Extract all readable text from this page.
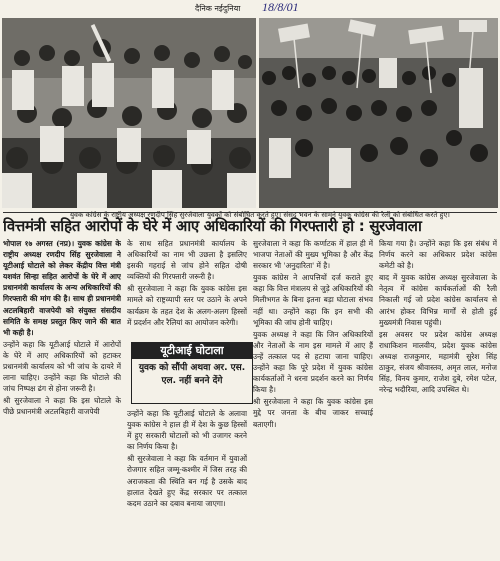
दैनिक नईदुनिया 18/8/01
युवक कांग्रेस के राष्ट्रीय अध्यक्ष रणदीप सिंह सुरजेवाला युवकों को संबोधित करते हुए। संसद भवन के सामने युवक कांग्रेस की रैली को संबोधित करते हुए।
वित्तमंत्री सहित आरोपों के घेरे में आए अधिकारियों की गिरफ्तारी हो : सुरजेवाला

भोपाल १७ अगस्त (नप्र)। युवक कांग्रेस के राष्ट्रीय अध्यक्ष रणदीप सिंह सुरजेवाला ने यूटीआई घोटाले को लेकर केंद्रीय वित्त मंत्री यशवंत सिन्हा सहित आरोपों के घेरे में आए प्रधानमंत्री कार्यालय के अन्य अधिकारियों की गिरफ्तारी की मांग की है। साथ ही प्रधानमंत्री अटलबिहारी वाजपेयी को संयुक्त संसदीय समिति के समक्ष प्रस्तुत किए जाने की बात भी कही है।

उन्होंने कहा कि यूटीआई घोटाले में आरोपों के घेरे में आए अधिकारियों को हटाकर प्रधानमंत्री कार्यालय को भी जांच के दायरे में लाना चाहिए। उन्होंने कहा कि घोटाले की जांच निष्पक्ष ढंग से होना जरूरी है।

श्री सुरजेवाला ने कहा कि इस घोटाले के पीछे प्रधानमंत्री अटलबिहारी वाजपेयी

के साथ सहित प्रधानमंत्री कार्यालय के अधिकारियों का नाम भी उछला है इसलिए इसकी गहराई से जांच होने सहित दोषी व्यक्तियों की गिरफ्तारी जरूरी है।

श्री सुरजेवाला ने कहा कि युवक कांग्रेस इस मामले को राष्ट्रव्यापी स्तर पर उठाने के अपने कार्यक्रम के तहत देश के अलग-अलग हिस्सों में प्रदर्शन और रैलियां का आयोजन करेगी।

उन्होंने कहा कि यूटीआई घोटाले के अलावा युवक कांग्रेस ने हाल ही में देश के कुछ हिस्सों में हुए सरकारी घोटालों को भी उजागर करने का निर्णय किया है।

श्री सुरजेवाला ने कहा कि वर्तमान में युवाओं रोजगार सहित जम्मू-कश्मीर में जिस तरह की अराजकता की स्थिति बन गई है उसके बाद हालात देखते हुए केंद्र सरकार पर तत्काल कदम उठाने का दबाव बनाया जाएगा।

सुरजेवाला ने कहा कि कर्णाटक में हाल ही में भाजपा नेताओं की मुख्य भूमिका है और केंद्र सरकार भी 'अनुदारिता' में है।

युवक कांग्रेस ने आपत्तियों दर्ज कराते हुए कहा कि वित्त मंत्रालय से जुड़े अधिकारियों की मिलीभगत के बिना इतना बड़ा घोटाला संभव नहीं था। उन्होंने कहा कि इन सभी की भूमिका की जांच होनी चाहिए।

युवक अध्यक्ष ने कहा कि जिन अधिकारियों और नेताओं के नाम इस मामले में आए हैं उन्हें तत्काल पद से हटाया जाना चाहिए। उन्होंने कहा कि पूरे प्रदेश में युवक कांग्रेस कार्यकर्ताओं ने धरना प्रदर्शन करने का निर्णय किया है।

श्री सुरजेवाला ने कहा कि युवक कांग्रेस इस मुद्दे पर जनता के बीच जाकर सच्चाई बताएगी।

किया गया है। उन्होंने कहा कि इस संबंध में निर्णय करने का अधिकार प्रदेश कांग्रेस कमेटी को है।

बाद में युवक कांग्रेस अध्यक्ष सुरजेवाला के नेतृत्व में कांग्रेस कार्यकर्ताओं की रैली निकाली गई जो प्रदेश कांग्रेस कार्यालय से आरंभ होकर विभिन्न मार्गों से होती हुई मुख्यमंत्री निवास पहुंची।

इस अवसर पर प्रदेश कांग्रेस अध्यक्ष राधाकिशन मालवीय, प्रदेश युवक कांग्रेस अध्यक्ष राजकुमार, महामंत्री सुरेश सिंह ठाकुर, संजय श्रीवास्तव, अमृत लाल, मनोज सिंह, विनय कुमार, राजेश दुबे, रमेश पटेल, नरेन्द्र भदौरिया, आदि उपस्थित थे।

यूटीआई घोटाला
युवक को सौंपी अथवा अर. एस. एल. नहीं बनने देंगे
